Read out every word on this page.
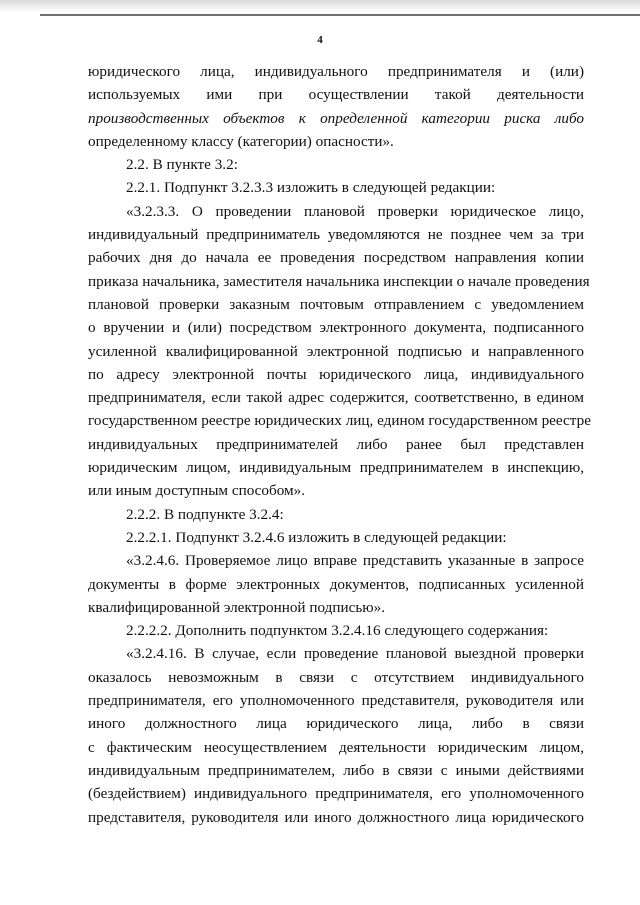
4

юридического лица, индивидуального предпринимателя и (или)
используемых ими при осуществлении такой деятельности
производственных объектов к определенной категории риска либо
определенному классу (категории) опасности».

2.2. В пункте 3.2:

2.2.1. Подпункт 3.2.3.3 изложить в следующей редакции:

«3.2.3.3. О проведении плановой проверки юридическое лицо,
индивидуальный предприниматель уведомляются не позднее чем за три
рабочих дня до начала ее проведения посредством направления копии
приказа начальника, заместителя начальника инспекции о начале проведения
плановой проверки заказным почтовым отправлением с уведомлением
о вручении и (или) посредством электронного документа, подписанного
усиленной квалифицированной электронной подписью и направленного
по адресу электронной почты юридического лица, индивидуального
предпринимателя, если такой адрес содержится, соответственно, в едином
государственном реестре юридических лиц, едином государственном реестре
индивидуальных предпринимателей либо ранее был представлен
юридическим лицом, индивидуальным предпринимателем в инспекцию,
или иным доступным способом».

2.2.2. В подпункте 3.2.4:

2.2.2.1. Подпункт 3.2.4.6 изложить в следующей редакции:

«3.2.4.6. Проверяемое лицо вправе представить указанные в запросе
документы в форме электронных документов, подписанных усиленной
квалифицированной электронной подписью».

2.2.2.2. Дополнить подпунктом 3.2.4.16 следующего содержания:

«3.2.4.16. В случае, если проведение плановой выездной проверки
оказалось невозможным в связи с отсутствием индивидуального
предпринимателя, его уполномоченного представителя, руководителя или
иного должностного лица юридического лица, либо в связи
с фактическим неосуществлением деятельности юридическим лицом,
индивидуальным предпринимателем, либо в связи с иными действиями
(бездействием) индивидуального предпринимателя, его уполномоченного
представителя, руководителя или иного должностного лица юридического
